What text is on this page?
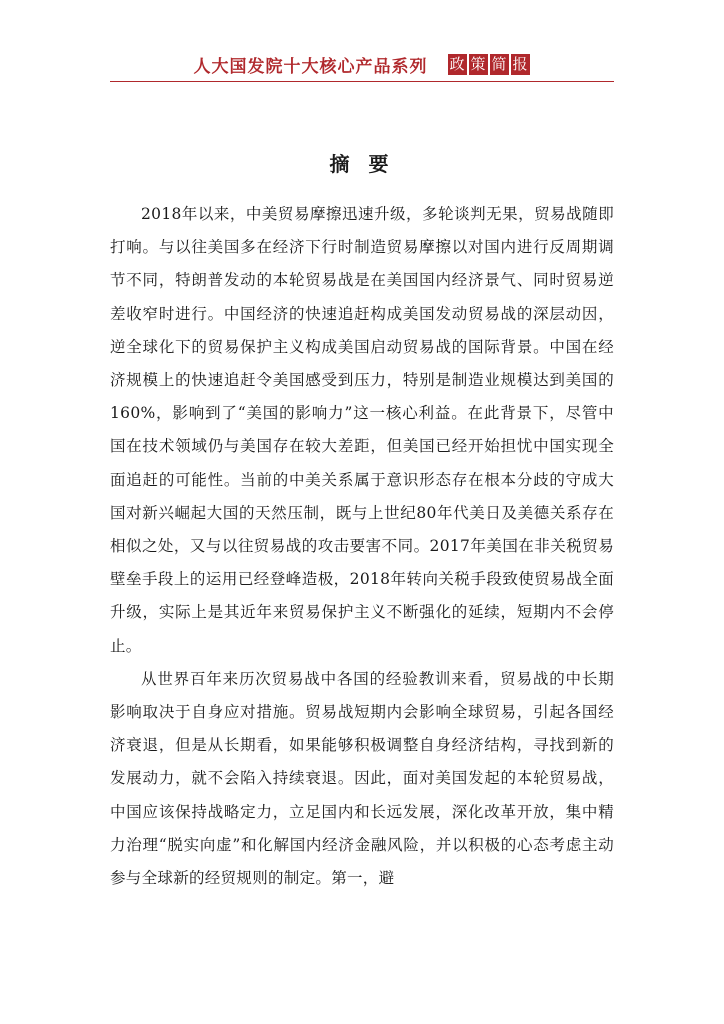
人大国发院十大核心产品系列 政 策 简 报
摘 要

2018年以来，中美贸易摩擦迅速升级，多轮谈判无果，贸易战随即打响。与以往美国多在经济下行时制造贸易摩擦以对国内进行反周期调节不同，特朗普发动的本轮贸易战是在美国国内经济景气、同时贸易逆差收窄时进行。中国经济的快速追赶构成美国发动贸易战的深层动因，逆全球化下的贸易保护主义构成美国启动贸易战的国际背景。中国在经济规模上的快速追赶令美国感受到压力，特别是制造业规模达到美国的160%，影响到了“美国的影响力”这一核心利益。在此背景下，尽管中国在技术领域仍与美国存在较大差距，但美国已经开始担忧中国实现全面追赶的可能性。当前的中美关系属于意识形态存在根本分歧的守成大国对新兴崛起大国的天然压制，既与上世纪80年代美日及美德关系存在相似之处，又与以往贸易战的攻击要害不同。2017年美国在非关税贸易壁垒手段上的运用已经登峰造极，2018年转向关税手段致使贸易战全面升级，实际上是其近年来贸易保护主义不断强化的延续，短期内不会停止。

从世界百年来历次贸易战中各国的经验教训来看，贸易战的中长期影响取决于自身应对措施。贸易战短期内会影响全球贸易，引起各国经济衰退，但是从长期看，如果能够积极调整自身经济结构，寻找到新的发展动力，就不会陷入持续衰退。因此，面对美国发起的本轮贸易战，中国应该保持战略定力，立足国内和长远发展，深化改革开放，集中精力治理“脱实向虚”和化解国内经济金融风险，并以积极的心态考虑主动参与全球新的经贸规则的制定。第一，避
